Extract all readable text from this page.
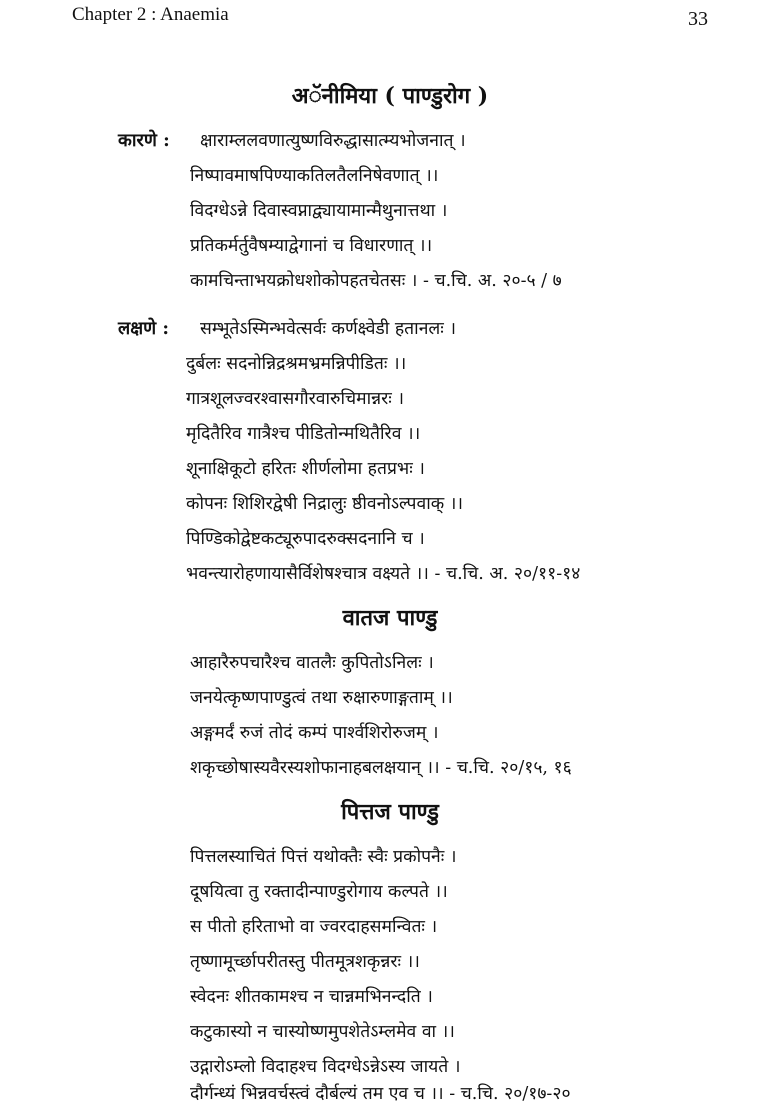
Chapter 2 : Anaemia	33
अॅनीमिया ( पाण्डुरोग )
कारणे : क्षाराम्ललवणात्युष्णविरुद्धासात्म्यभोजनात् ।
निष्पावमाषपिण्याकतिलतैलनिषेवणात् ।।
विदग्धेऽन्ने दिवास्वप्नाद्व्यायामान्मैथुनात्तथा ।
प्रतिकर्मर्तुवैषम्याद्वेगानां च विधारणात् ।।
कामचिन्ताभयक्रोधशोकोपहतचेतसः । - च.चि. अ. २०-५ / ७
लक्षणे : सम्भूतेऽस्मिन्भवेत्सर्वः कर्णक्ष्वेडी हतानलः ।
दुर्बलः सदनोन्निद्रश्रमभ्रमन्निपीडितः ।।
गात्रशूलज्वरश्वासगौरवारुचिमान्नरः ।
मृदितैरिव गात्रैश्च पीडितोन्मथितैरिव ।।
शूनाक्षिकूटो हरितः शीर्णलोमा हतप्रभः ।
कोपनः शिशिरद्वेषी निद्रालुः ष्ठीवनोऽल्पवाक् ।।
पिण्डिकोद्वेष्टकट्यूरुपादरुक्सदनानि च ।
भवन्त्यारोहणायासैर्विशेषश्चात्र वक्ष्यते ।। - च.चि. अ. २०/११-१४
वातज पाण्डु
आहारैरुपचारैश्च वातलैः कुपितोऽनिलः ।
जनयेत्कृष्णपाण्डुत्वं तथा रुक्षारुणाङ्गताम् ।।
अङ्गमर्दं रुजं तोदं कम्पं पार्श्वशिरोरुजम् ।
शकृच्छोषास्यवैरस्यशोफानाहबलक्षयान् ।। - च.चि. २०/१५, १६
पित्तज पाण्डु
पित्तलस्याचितं पित्तं यथोक्तैः स्वैः प्रकोपनैः ।
दूषयित्वा तु रक्तादीन्पाण्डुरोगाय कल्पते ।।
स पीतो हरिताभो वा ज्वरदाहसमन्वितः ।
तृष्णामूर्च्छापरीतस्तु पीतमूत्रशकृन्नरः ।।
स्वेदनः शीतकामश्च न चान्नमभिनन्दति ।
कटुकास्यो न चास्योष्णमुपशेतेऽम्लमेव वा ।।
उद्गारोऽम्लो विदाहश्च विदग्धेऽन्नेऽस्य जायते ।
दौर्गन्ध्यं भिन्नवर्चस्त्वं दौर्बल्यं तम एव च ।। - च.चि. २०/१७-२०
